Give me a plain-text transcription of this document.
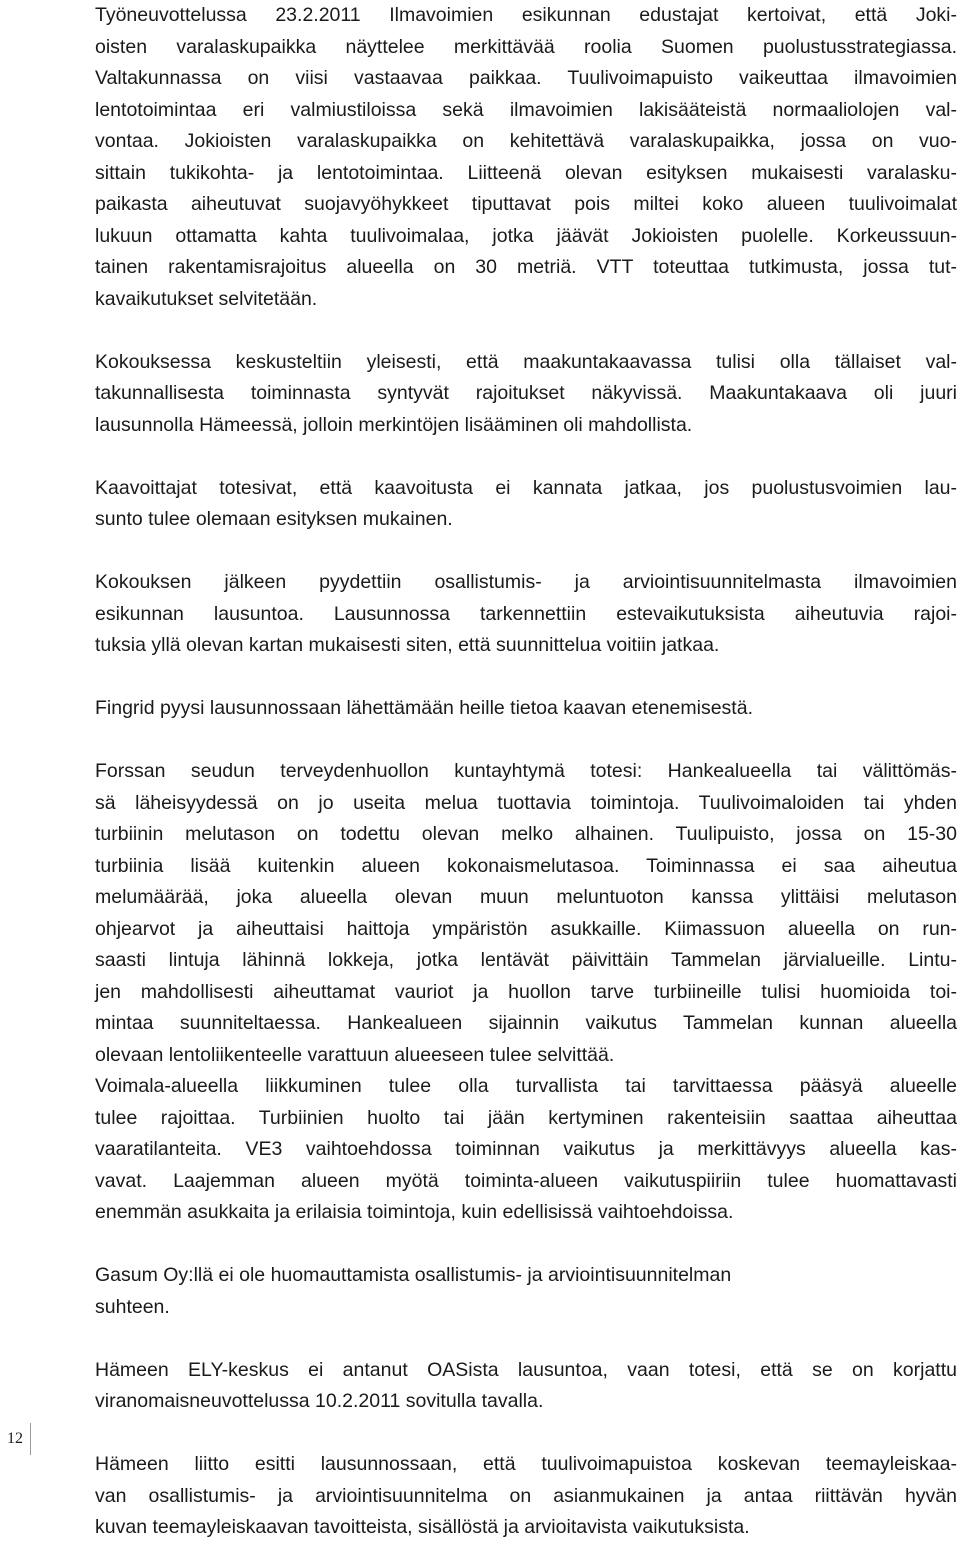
Työneuvottelussa 23.2.2011 Ilmavoimien esikunnan edustajat kertoivat, että Joki-
oisten varalaskupaikka näyttelee merkittävää roolia Suomen puolustusstrategiassa.
Valtakunnassa on viisi vastaavaa paikkaa. Tuulivoimapuisto vaikeuttaa ilmavoimien
lentotoimintaa eri valmiustiloissa sekä ilmavoimien lakisääteistä normaaliolojen val-
vontaa. Jokioisten varalaskupaikka on kehitettävä varalaskupaikka, jossa on vuo-
sittain tukikohta- ja lentotoimintaa. Liitteenä olevan esityksen mukaisesti varalasku-
paikasta aiheutuvat suojavyöhykkeet tiputtavat pois miltei koko alueen tuulivoimalat
lukuun ottamatta kahta tuulivoimalaa, jotka jäävät Jokioisten puolelle. Korkeussuun-
tainen rakentamisrajoitus alueella on 30 metriä. VTT toteuttaa tutkimusta, jossa tut-
kavaikutukset selvitetään.
Kokouksessa keskusteltiin yleisesti, että maakuntakaavassa tulisi olla tällaiset val-
takunnallisesta toiminnasta syntyvät rajoitukset näkyvissä. Maakuntakaava oli juuri
lausunnolla Hämeessä, jolloin merkintöjen lisääminen oli mahdollista.
Kaavoittajat totesivat, että kaavoitusta ei kannata jatkaa, jos puolustusvoimien lau-
sunto tulee olemaan esityksen mukainen.
Kokouksen jälkeen pyydettiin osallistumis- ja arviointisuunnitelmasta ilmavoimien
esikunnan lausuntoa. Lausunnossa tarkennettiin estevaikutuksista aiheutuvia rajoi-
tuksia yllä olevan kartan mukaisesti siten, että suunnittelua voitiin jatkaa.
Fingrid pyysi lausunnossaan lähettämään heille tietoa kaavan etenemisestä.
Forssan seudun terveydenhuollon kuntayhtymä totesi: Hankealueella tai välittömäs-
sä läheisyydessä on jo useita melua tuottavia toimintoja. Tuulivoimaloiden tai yhden
turbiinin melutason on todettu olevan melko alhainen. Tuulipuisto, jossa on 15-30
turbiinia lisää kuitenkin alueen kokonaismelutasoa. Toiminnassa ei saa aiheutua
melumäärää, joka alueella olevan muun meluntuoton kanssa ylittäisi melutason
ohjearvot ja aiheuttaisi haittoja ympäristön asukkaille. Kiimassuon alueella on run-
saasti lintuja lähinnä lokkeja, jotka lentävät päivittäin Tammelan järvialueille. Lintu-
jen mahdollisesti aiheuttamat vauriot ja huollon tarve turbiineille tulisi huomioida toi-
mintaa suunniteltaessa. Hankealueen sijainnin vaikutus Tammelan kunnan alueella
olevaan lentoliikenteelle varattuun alueeseen tulee selvittää.
Voimala-alueella liikkuminen tulee olla turvallista tai tarvittaessa pääsyä alueelle
tulee rajoittaa. Turbiinien huolto tai jään kertyminen rakenteisiin saattaa aiheuttaa
vaaratilanteita. VE3 vaihtoehdossa toiminnan vaikutus ja merkittävyys alueella kas-
vavat. Laajemman alueen myötä toiminta-alueen vaikutuspiiriin tulee huomattavasti
enemmän asukkaita ja erilaisia toimintoja, kuin edellisissä vaihtoehdoissa.
Gasum Oy:llä ei ole huomauttamista osallistumis- ja arviointisuunnitelman
suhteen.
Hämeen ELY-keskus ei antanut OASista lausuntoa, vaan totesi, että se on korjattu
viranomaisneuvottelussa 10.2.2011 sovitulla tavalla.
Hämeen liitto esitti lausunnossaan, että tuulivoimapuistoa koskevan teemayleiskaa-
van osallistumis- ja arviointisuunnitelma on asianmukainen ja antaa riittävän hyvän
kuvan teemayleiskaavan tavoitteista, sisällöstä ja arvioitavista vaikutuksista.
12
